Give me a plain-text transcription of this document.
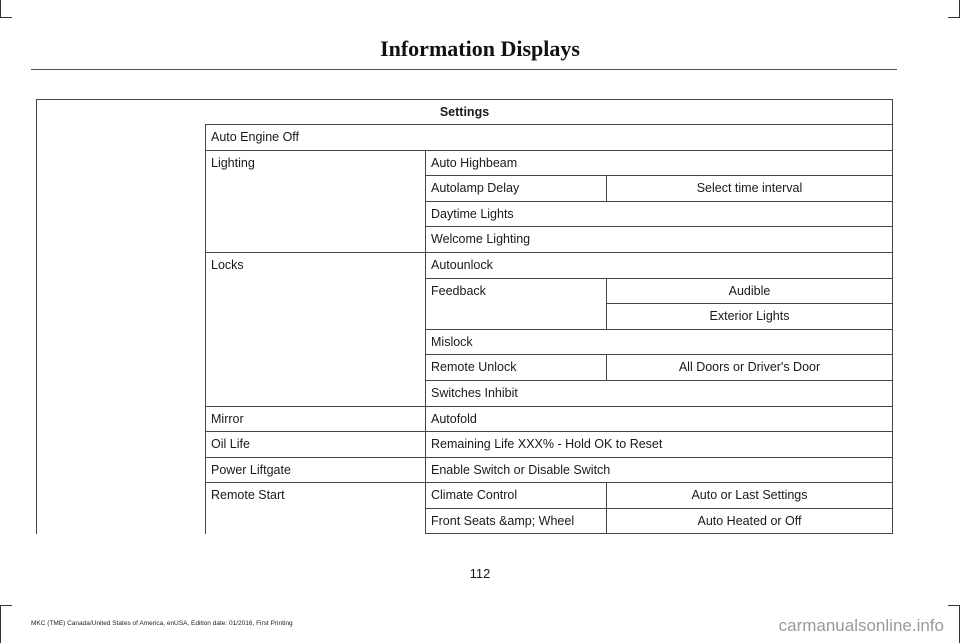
Information Displays
Settings
Auto Engine Off
Lighting	Auto Highbeam
Autolamp Delay	Select time interval
Daytime Lights
Welcome Lighting
Locks	Autounlock
Feedback	Audible
Exterior Lights
Mislock
Remote Unlock	All Doors or Driver's Door
Switches Inhibit
Mirror	Autofold
Oil Life	Remaining Life XXX% - Hold OK to Reset
Power Liftgate	Enable Switch or Disable Switch
Remote Start	Climate Control	Auto or Last Settings
Front Seats &amp; Wheel	Auto Heated or Off
112
MKC (TME) Canada/United States of America, enUSA, Edition date: 01/2016, First Printing	carmanualsonline.info
